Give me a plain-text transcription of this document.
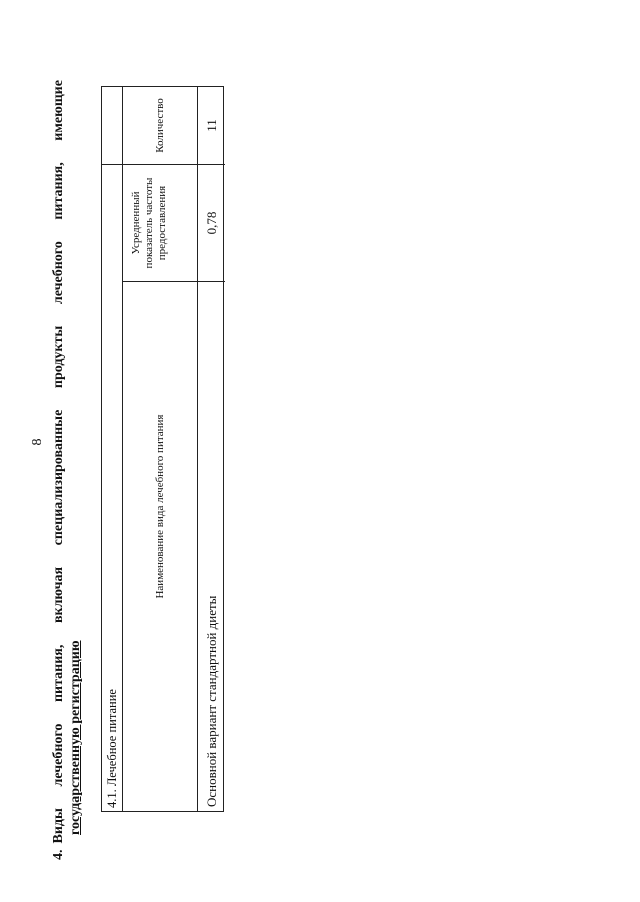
8
4.Виды
лечебного
питания,
включая
специализированные
продукты
лечебного
питания,
имеющие
государственную регистрацию 4.1. Лечебное питание
Наименование вида лечебного питания
Усредненный показатель частоты предоставления
Количество
Основной вариант стандартной диеты
0,78
11
